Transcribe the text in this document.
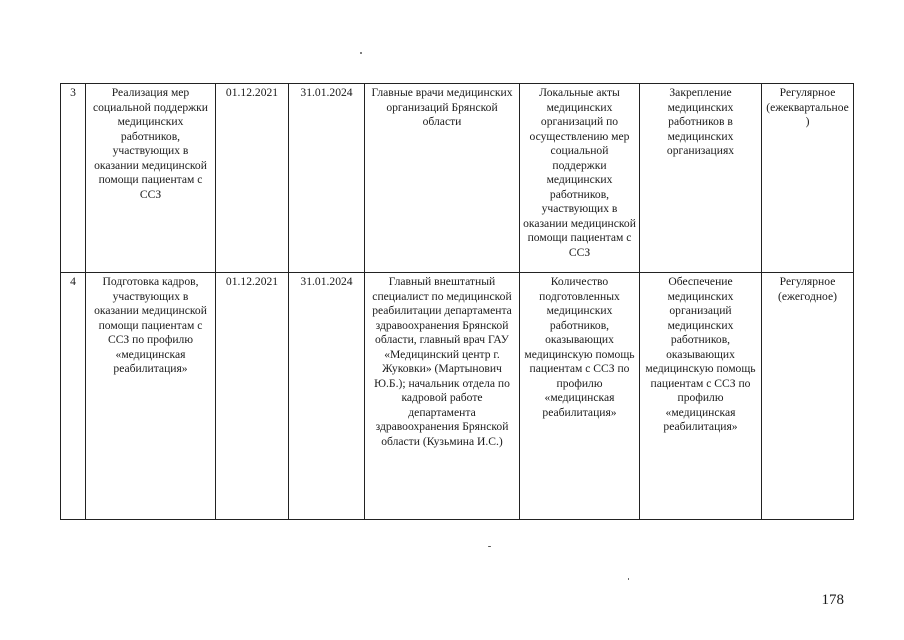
3	Реализация мер социальной поддержки медицинских работников, участвующих в оказании медицинской помощи пациентам с ССЗ	01.12.2021	31.01.2024	Главные врачи медицинских организаций Брянской области	Локальные акты медицинских организаций по осуществлению мер социальной поддержки медицинских работников, участвующих в оказании медицинской помощи пациентам с ССЗ	Закрепление медицинских работников в медицинских организациях	Регулярное (ежеквартальное)
4	Подготовка кадров, участвующих в оказании медицинской помощи пациентам с ССЗ по профилю «медицинская реабилитация»	01.12.2021	31.01.2024	Главный внештатный специалист по медицинской реабилитации департамента здравоохранения Брянской области, главный врач ГАУ «Медицинский центр г. Жуковки» (Мартынович Ю.Б.); начальник отдела по кадровой работе департамента здравоохранения Брянской области (Кузьмина И.С.)	Количество подготовленных медицинских работников, оказывающих медицинскую помощь пациентам с ССЗ по профилю «медицинская реабилитация»	Обеспечение медицинских организаций медицинских работников, оказывающих медицинскую помощь пациентам с ССЗ по профилю «медицинская реабилитация»	Регулярное (ежегодное)
178
